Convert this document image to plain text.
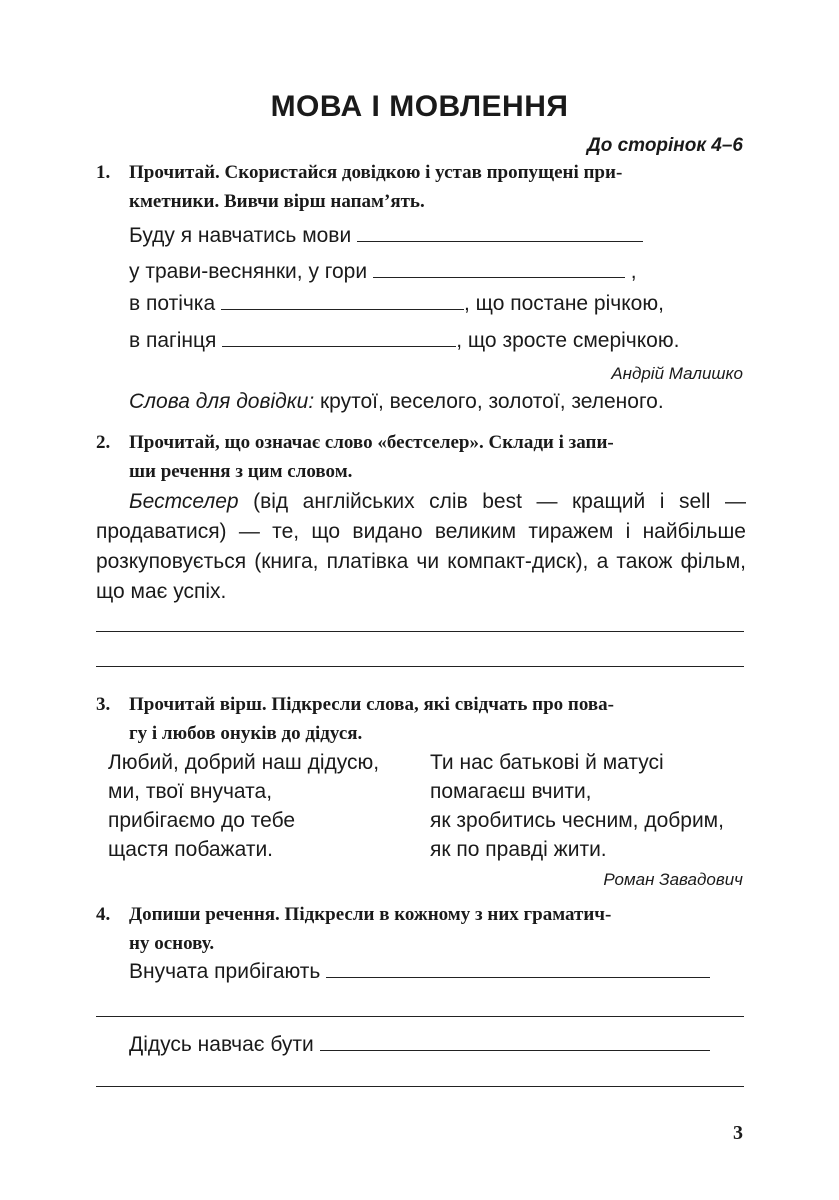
МОВА І МОВЛЕННЯ
До сторінок 4–6
1. Прочитай. Скористайся довідкою і устав пропущені при-
кметники. Вивчи вірш напам’ять.
Буду я навчатись мови
у трави-веснянки, у гори	,
в потічка	, що постане річкою,
в пагінця	, що зросте смерічкою.
Андрій Малишко
Слова для довідки: крутої, веселого, золотої, зеленого.
2. Прочитай, що означає слово «бестселер». Склади і запи-
ши речення з цим словом.
Бестселер (від англійських слів best — кращий і sell — продаватися) — те, що видано великим тиражем і найбільше розкуповується (книга, платівка чи компакт-диск), а також фільм, що має успіх.
3. Прочитай вірш. Підкресли слова, які свідчать про пова-
гу і любов онуків до дідуся.
Любий, добрий наш дідусю,
ми, твої внучата,
прибігаємо до тебе
щастя побажати.
Ти нас батькові й матусі
помагаєш вчити,
як зробитись чесним, добрим,
як по правді жити.
Роман Завадович
4. Допиши речення. Підкресли в кожному з них граматич-
ну основу.
Внучата прибігають
Дідусь навчає бути
3
